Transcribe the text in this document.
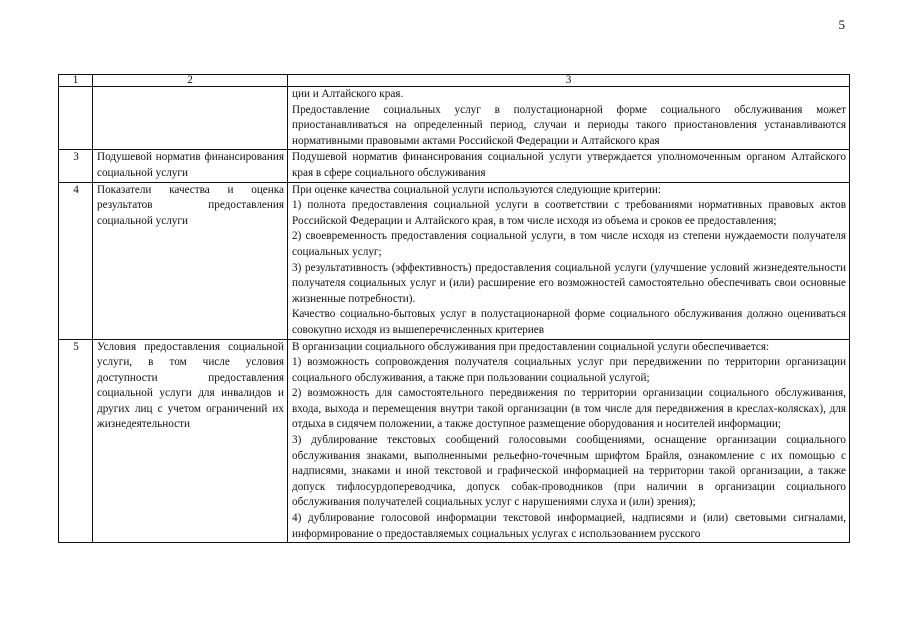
5
1	2	3

		ции и Алтайского края.

Предоставление социальных услуг в полустационарной форме социального обслуживания может приостанавливаться на определенный период, случаи и периоды такого приостановления устанавливаются нормативными правовыми актами Российской Федерации и Алтайского края

3	Подушевой норматив финансирования социальной услуги	Подушевой норматив финансирования социальной услуги утверждается уполномоченным органом Алтайского края в сфере социального обслуживания

4	Показатели качества и оценка результатов предоставления социальной услуги	При оценке качества социальной услуги используются следующие критерии:

1) полнота предоставления социальной услуги в соответствии с требованиями нормативных правовых актов Российской Федерации и Алтайского края, в том числе исходя из объема и сроков ее предоставления;

2) своевременность предоставления социальной услуги, в том числе исходя из степени нуждаемости получателя социальных услуг;

3) результативность (эффективность) предоставления социальной услуги (улучшение условий жизнедеятельности получателя социальных услуг и (или) расширение его возможностей самостоятельно обеспечивать свои основные жизненные потребности).

Качество социально-бытовых услуг в полустационарной форме социального обслуживания должно оцениваться совокупно исходя из вышеперечисленных критериев

5	Условия предоставления социальной услуги, в том числе условия доступности предоставления социальной услуги для инвалидов и других лиц с учетом ограничений их жизнедеятельности	В организации социального обслуживания при предоставлении социальной услуги обеспечивается:

1) возможность сопровождения получателя социальных услуг при передвижении по территории организации социального обслуживания, а также при пользовании социальной услугой;

2) возможность для самостоятельного передвижения по территории организации социального обслуживания, входа, выхода и перемещения внутри такой организации (в том числе для передвижения в креслах-колясках), для отдыха в сидячем положении, а также доступное размещение оборудования и носителей информации;

3) дублирование текстовых сообщений голосовыми сообщениями, оснащение организации социального обслуживания знаками, выполненными рельефно-точечным шрифтом Брайля, ознакомление с их помощью с надписями, знаками и иной текстовой и графической информацией на территории такой организации, а также допуск тифлосурдопереводчика, допуск собак-проводников (при наличии в организации социального обслуживания получателей социальных услуг с нарушениями слуха и (или) зрения);

4) дублирование голосовой информации текстовой информацией, надписями и (или) световыми сигналами, информирование о предоставляемых социальных услугах с использованием русского
